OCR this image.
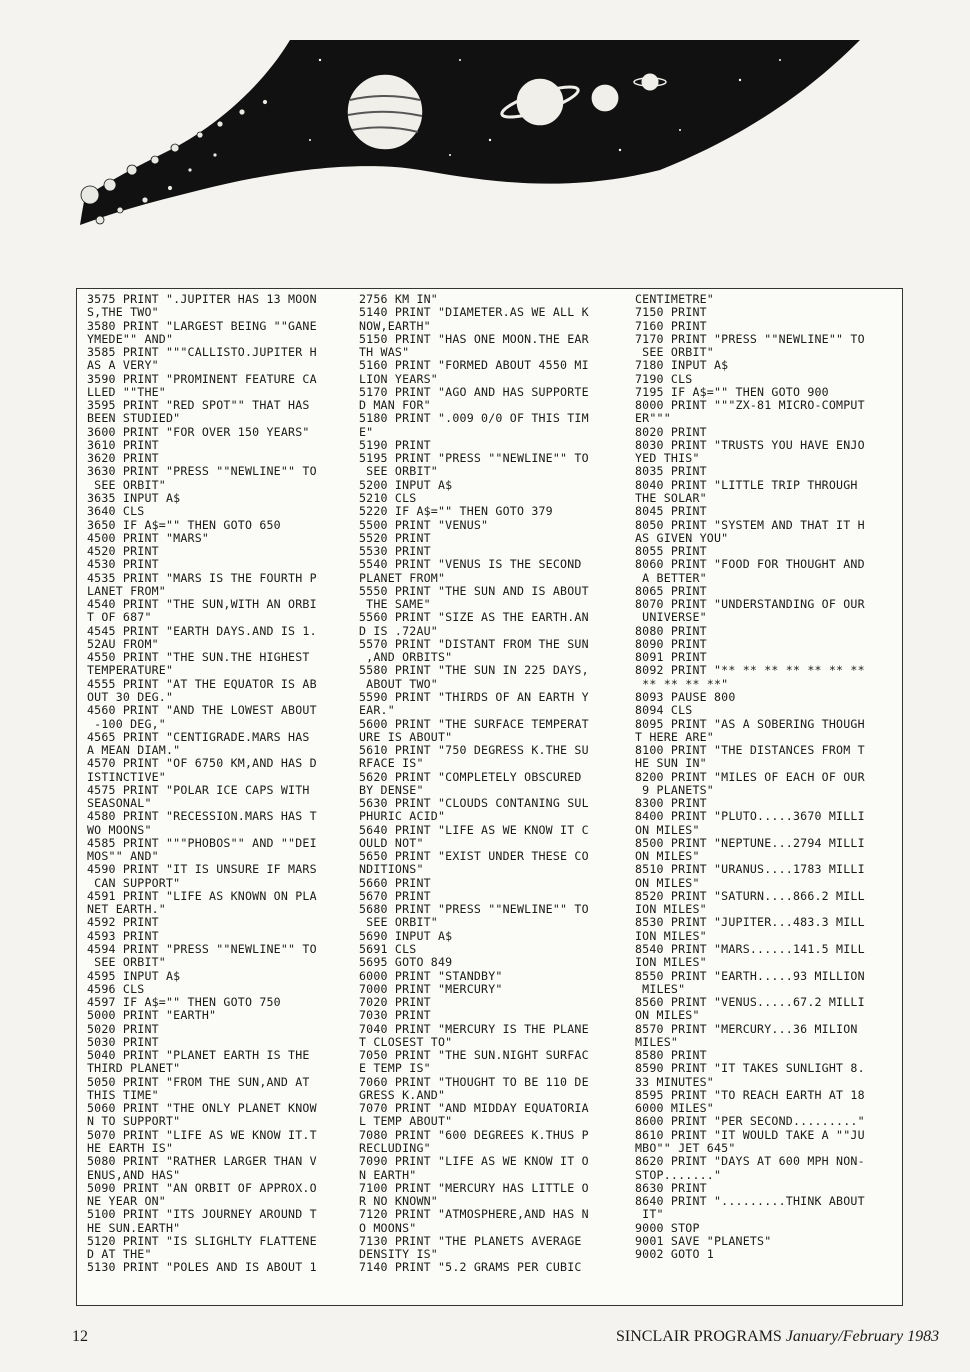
3575 PRINT ".JUPITER HAS 13 MOON
S,THE TWO"
3580 PRINT "LARGEST BEING ""GANE
YMEDE"" AND"
3585 PRINT """CALLISTO.JUPITER H
AS A VERY"
3590 PRINT "PROMINENT FEATURE CA
LLED ""THE"
3595 PRINT "RED SPOT"" THAT HAS
BEEN STUDIED"
3600 PRINT "FOR OVER 150 YEARS"
3610 PRINT
3620 PRINT
3630 PRINT "PRESS ""NEWLINE"" TO
SEE ORBIT"
3635 INPUT A$
3640 CLS
3650 IF A$="" THEN GOTO 650
4500 PRINT "MARS"
4520 PRINT
4530 PRINT
4535 PRINT "MARS IS THE FOURTH P
LANET FROM"
4540 PRINT "THE SUN,WITH AN ORBI
T OF 687"
4545 PRINT "EARTH DAYS.AND IS 1.
52AU FROM"
4550 PRINT "THE SUN.THE HIGHEST
TEMPERATURE"
4555 PRINT "AT THE EQUATOR IS AB
OUT 30 DEG."
4560 PRINT "AND THE LOWEST ABOUT
-100 DEG,"
4565 PRINT "CENTIGRADE.MARS HAS
A MEAN DIAM."
4570 PRINT "OF 6750 KM,AND HAS D
ISTINCTIVE"
4575 PRINT "POLAR ICE CAPS WITH
SEASONAL"
4580 PRINT "RECESSION.MARS HAS T
WO MOONS"
4585 PRINT """PHOBOS"" AND ""DEI
MOS"" AND"
4590 PRINT "IT IS UNSURE IF MARS
CAN SUPPORT"
4591 PRINT "LIFE AS KNOWN ON PLA
NET EARTH."
4592 PRINT
4593 PRINT
4594 PRINT "PRESS ""NEWLINE"" TO
SEE ORBIT"
4595 INPUT A$
4596 CLS
4597 IF A$="" THEN GOTO 750
5000 PRINT "EARTH"
5020 PRINT
5030 PRINT
5040 PRINT "PLANET EARTH IS THE
THIRD PLANET"
5050 PRINT "FROM THE SUN,AND AT
THIS TIME"
5060 PRINT "THE ONLY PLANET KNOW
N TO SUPPORT"
5070 PRINT "LIFE AS WE KNOW IT.T
HE EARTH IS"
5080 PRINT "RATHER LARGER THAN V
ENUS,AND HAS"
5090 PRINT "AN ORBIT OF APPROX.O
NE YEAR ON"
5100 PRINT "ITS JOURNEY AROUND T
HE SUN.EARTH"
5120 PRINT "IS SLIGHLTY FLATTENE
D AT THE"
5130 PRINT "POLES AND IS ABOUT 1
2756 KM IN"
5140 PRINT "DIAMETER.AS WE ALL K
NOW,EARTH"
5150 PRINT "HAS ONE MOON.THE EAR
TH WAS"
5160 PRINT "FORMED ABOUT 4550 MI
LION YEARS"
5170 PRINT "AGO AND HAS SUPPORTE
D MAN FOR"
5180 PRINT ".009 0/0 OF THIS TIM
E"
5190 PRINT
5195 PRINT "PRESS ""NEWLINE"" TO
SEE ORBIT"
5200 INPUT A$
5210 CLS
5220 IF A$="" THEN GOTO 379
5500 PRINT "VENUS"
5520 PRINT
5530 PRINT
5540 PRINT "VENUS IS THE SECOND
PLANET FROM"
5550 PRINT "THE SUN AND IS ABOUT
THE SAME"
5560 PRINT "SIZE AS THE EARTH.AN
D IS .72AU"
5570 PRINT "DISTANT FROM THE SUN
,AND ORBITS"
5580 PRINT "THE SUN IN 225 DAYS,
ABOUT TWO"
5590 PRINT "THIRDS OF AN EARTH Y
EAR."
5600 PRINT "THE SURFACE TEMPERAT
URE IS ABOUT"
5610 PRINT "750 DEGRESS K.THE SU
RFACE IS"
5620 PRINT "COMPLETELY OBSCURED
BY DENSE"
5630 PRINT "CLOUDS CONTANING SUL
PHURIC ACID"
5640 PRINT "LIFE AS WE KNOW IT C
OULD NOT"
5650 PRINT "EXIST UNDER THESE CO
NDITIONS"
5660 PRINT
5670 PRINT
5680 PRINT "PRESS ""NEWLINE"" TO
SEE ORBIT"
5690 INPUT A$
5691 CLS
5695 GOTO 849
6000 PRINT "STANDBY"
7000 PRINT "MERCURY"
7020 PRINT
7030 PRINT
7040 PRINT "MERCURY IS THE PLANE
T CLOSEST TO"
7050 PRINT "THE SUN.NIGHT SURFAC
E TEMP IS"
7060 PRINT "THOUGHT TO BE 110 DE
GRESS K.AND"
7070 PRINT "AND MIDDAY EQUATORIA
L TEMP ABOUT"
7080 PRINT "600 DEGREES K.THUS P
RECLUDING"
7090 PRINT "LIFE AS WE KNOW IT O
N EARTH"
7100 PRINT "MERCURY HAS LITTLE O
R NO KNOWN"
7120 PRINT "ATMOSPHERE,AND HAS N
O MOONS"
7130 PRINT "THE PLANETS AVERAGE
DENSITY IS"
7140 PRINT "5.2 GRAMS PER CUBIC
CENTIMETRE"
7150 PRINT
7160 PRINT
7170 PRINT "PRESS ""NEWLINE"" TO
SEE ORBIT"
7180 INPUT A$
7190 CLS
7195 IF A$="" THEN GOTO 900
8000 PRINT """ZX-81 MICRO-COMPUT
ER"""
8020 PRINT
8030 PRINT "TRUSTS YOU HAVE ENJO
YED THIS"
8035 PRINT
8040 PRINT "LITTLE TRIP THROUGH
THE SOLAR"
8045 PRINT
8050 PRINT "SYSTEM AND THAT IT H
AS GIVEN YOU"
8055 PRINT
8060 PRINT "FOOD FOR THOUGHT AND
A BETTER"
8065 PRINT
8070 PRINT "UNDERSTANDING OF OUR
UNIVERSE"
8080 PRINT
8090 PRINT
8091 PRINT
8092 PRINT "** ** ** ** ** ** **
** ** ** **"
8093 PAUSE 800
8094 CLS
8095 PRINT "AS A SOBERING THOUGH
T HERE ARE"
8100 PRINT "THE DISTANCES FROM T
HE SUN IN"
8200 PRINT "MILES OF EACH OF OUR
9 PLANETS"
8300 PRINT
8400 PRINT "PLUTO.....3670 MILLI
ON MILES"
8500 PRINT "NEPTUNE...2794 MILLI
ON MILES"
8510 PRINT "URANUS....1783 MILLI
ON MILES"
8520 PRINT "SATURN....866.2 MILL
ION MILES"
8530 PRINT "JUPITER...483.3 MILL
ION MILES"
8540 PRINT "MARS......141.5 MILL
ION MILES"
8550 PRINT "EARTH.....93 MILLION
MILES"
8560 PRINT "VENUS.....67.2 MILLI
ON MILES"
8570 PRINT "MERCURY...36 MILION
MILES"
8580 PRINT
8590 PRINT "IT TAKES SUNLIGHT 8.
33 MINUTES"
8595 PRINT "TO REACH EARTH AT 18
6000 MILES"
8600 PRINT "PER SECOND........."
8610 PRINT "IT WOULD TAKE A ""JU
MBO"" JET 645"
8620 PRINT "DAYS AT 600 MPH NON-
STOP......."
8630 PRINT
8640 PRINT ".........THINK ABOUT
IT"
9000 STOP
9001 SAVE "PLANETS"
9002 GOTO 1
12	SINCLAIR PROGRAMS January/February 1983
